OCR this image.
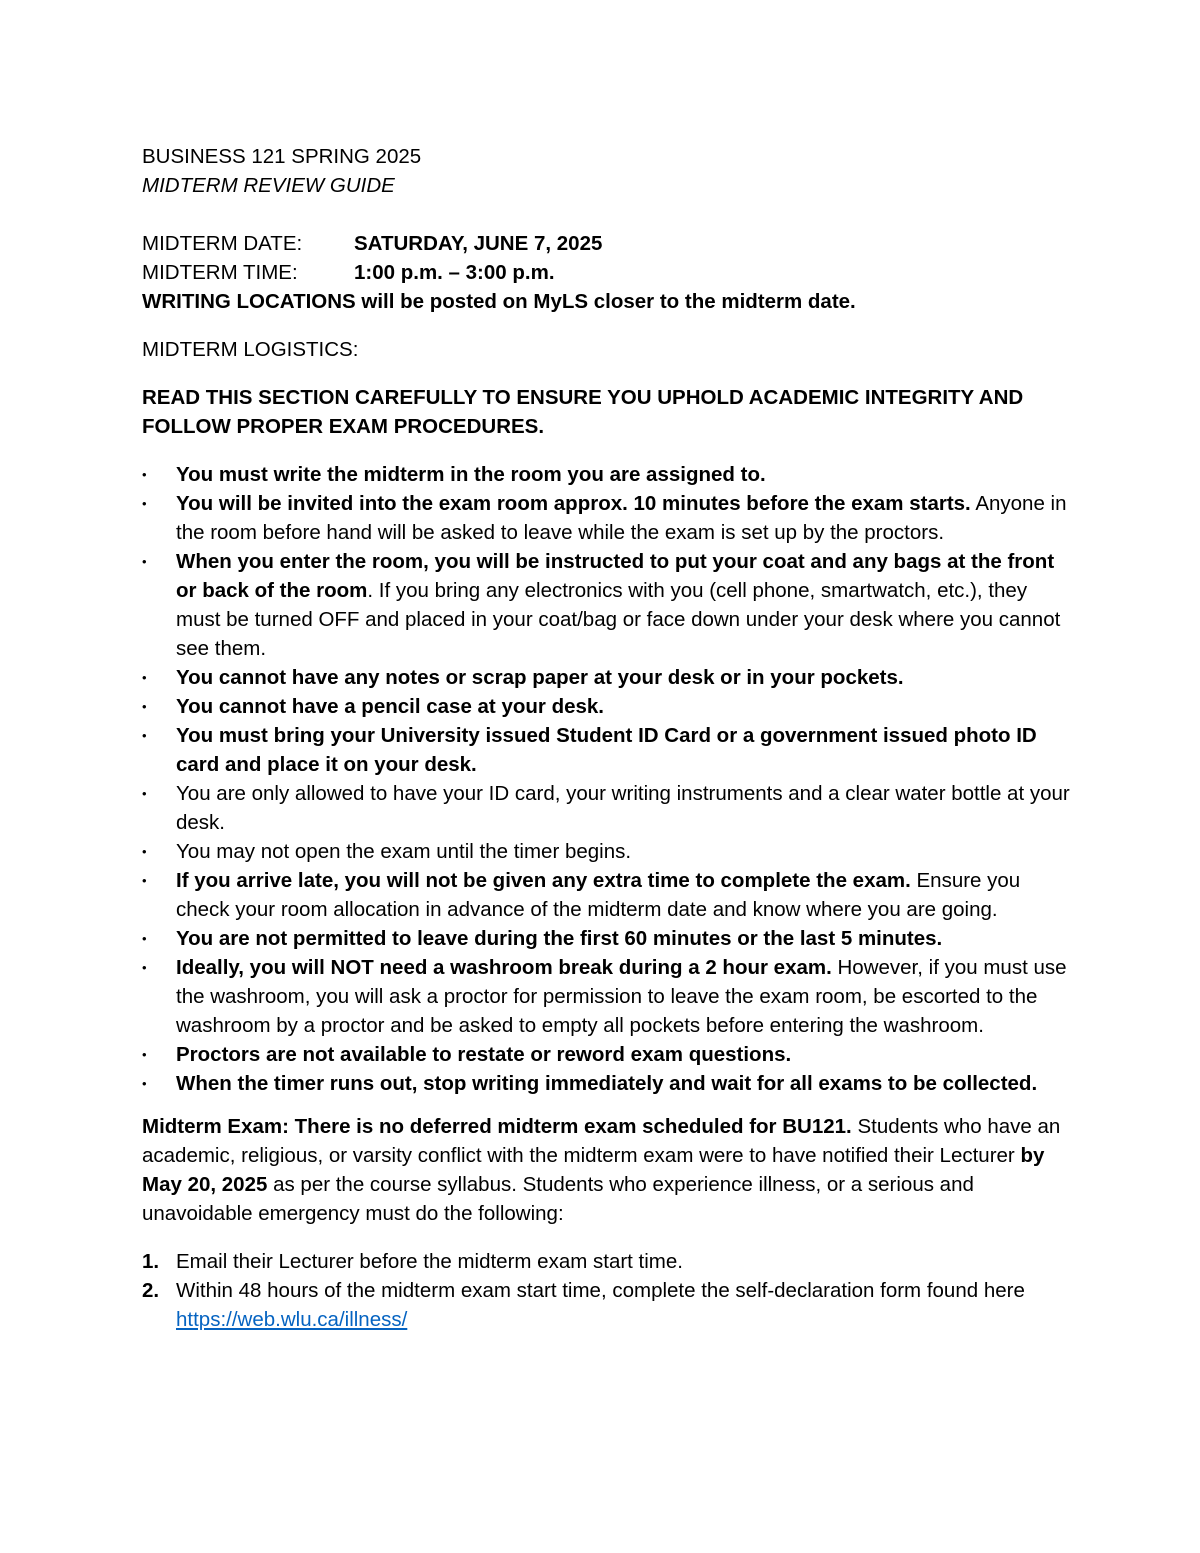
BUSINESS 121 SPRING 2025

MIDTERM REVIEW GUIDE

MIDTERM DATE:	SATURDAY, JUNE 7, 2025
MIDTERM TIME:	1:00 p.m. – 3:00 p.m.

WRITING LOCATIONS will be posted on MyLS closer to the midterm date.

MIDTERM LOGISTICS:

READ THIS SECTION CAREFULLY TO ENSURE YOU UPHOLD ACADEMIC INTEGRITY AND FOLLOW PROPER EXAM PROCEDURES.

•	You must write the midterm in the room you are assigned to.
•	You will be invited into the exam room approx. 10 minutes before the exam starts. Anyone in the room before hand will be asked to leave while the exam is set up by the proctors.
•	When you enter the room, you will be instructed to put your coat and any bags at the front or back of the room. If you bring any electronics with you (cell phone, smartwatch, etc.), they must be turned OFF and placed in your coat/bag or face down under your desk where you cannot see them.
•	You cannot have any notes or scrap paper at your desk or in your pockets.
•	You cannot have a pencil case at your desk.
•	You must bring your University issued Student ID Card or a government issued photo ID card and place it on your desk.
•	You are only allowed to have your ID card, your writing instruments and a clear water bottle at your desk.
•	You may not open the exam until the timer begins.
•	If you arrive late, you will not be given any extra time to complete the exam. Ensure you check your room allocation in advance of the midterm date and know where you are going.
•	You are not permitted to leave during the first 60 minutes or the last 5 minutes.
•	Ideally, you will NOT need a washroom break during a 2 hour exam. However, if you must use the washroom, you will ask a proctor for permission to leave the exam room, be escorted to the washroom by a proctor and be asked to empty all pockets before entering the washroom.
•	Proctors are not available to restate or reword exam questions.
•	When the timer runs out, stop writing immediately and wait for all exams to be collected.

Midterm Exam: There is no deferred midterm exam scheduled for BU121. Students who have an academic, religious, or varsity conflict with the midterm exam were to have notified their Lecturer by May 20, 2025 as per the course syllabus. Students who experience illness, or a serious and unavoidable emergency must do the following:

1. Email their Lecturer before the midterm exam start time.
2. Within 48 hours of the midterm exam start time, complete the self-declaration form found here https://web.wlu.ca/illness/
